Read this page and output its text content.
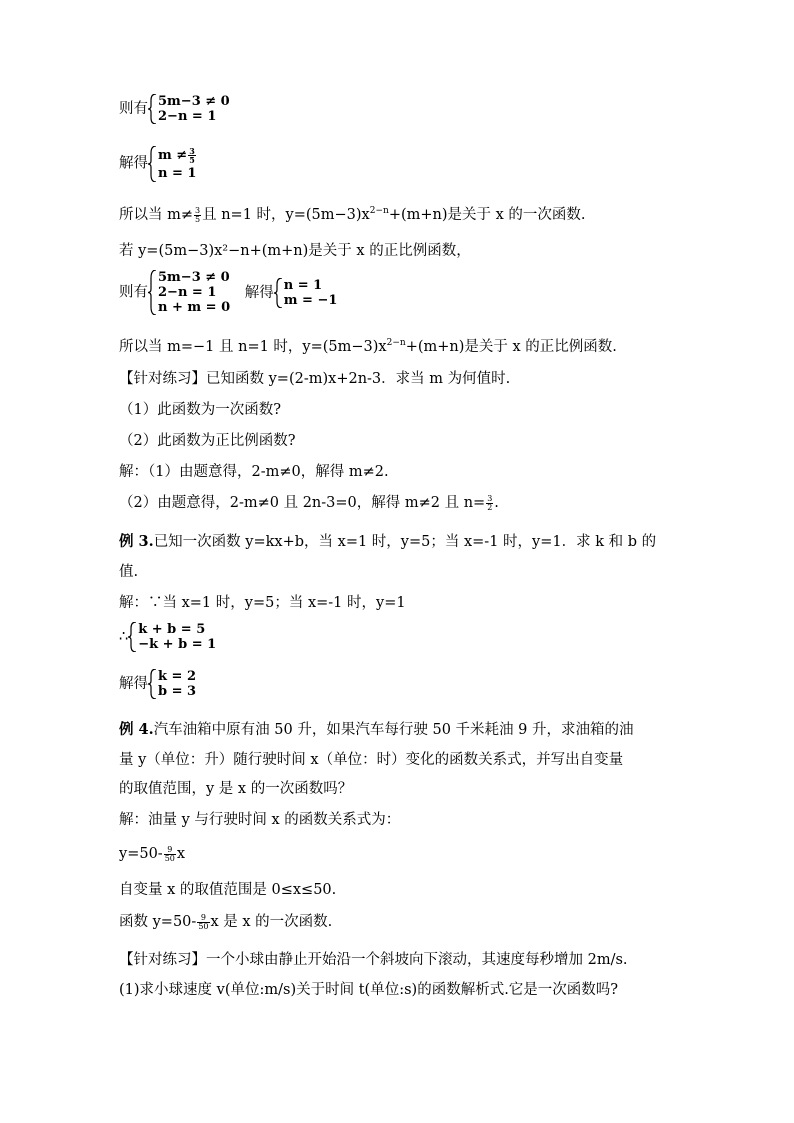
则有 5m−3 ≠ 0
2−n = 1
解得 $m \ne \frac{3}{5}$
n = 1
所以当 $m\ne \frac{3}{5}$ 且 n=1 时，$y=(5m-3)x^{2-n}+(m+n)$是关于 x 的一次函数.
若 y=(5m−3)x²−n+(m+n)是关于 x 的正比例函数，
则有
5m−3 ≠ 0
2−n = 1
n + m = 0
解得 n = 1
m = −1
所以当 m=−1 且 n=1 时，$y=(5m-3)x^{2-n}+(m+n)$是关于 x 的正比例函数.
【针对练习】已知函数 y=(2-m)x+2n-3．求当 m 为何值时.
（1）此函数为一次函数?
（2）此函数为正比例函数?
解：（1）由题意得，2-m≠0，解得 m≠2.
（2）由题意得，2-m≠0 且 2n-3=0，解得 m≠2 且 $n= \frac{3}{2}$ .
例 3.已知一次函数 y=kx+b，当 x=1 时，y=5；当 x=-1 时，y=1．求 k 和 b 的
值.
解：∵当 x=1 时，y=5；当 x=-1 时，y=1
∴ k + b = 5
−k + b = 1
解得 k = 2
b = 3
例 4.汽车油箱中原有油 50 升，如果汽车每行驶 50 千米耗油 9 升，求油箱的油
量 y（单位：升）随行驶时间 x（单位：时）变化的函数关系式，并写出自变量
的取值范围，y 是 x 的一次函数吗？
解：油量 y 与行驶时间 x 的函数关系式为：
$y=50- \frac{9}{50}$ x
自变量 x 的取值范围是 0≤x≤50.
函数 $y=50- \frac{9}{50}$ x 是 x 的一次函数.
【针对练习】一个小球由静止开始沿一个斜坡向下滚动，其速度每秒增加 2m/s.
(1)求小球速度 v(单位:m/s)关于时间 t(单位:s)的函数解析式.它是一次函数吗?
